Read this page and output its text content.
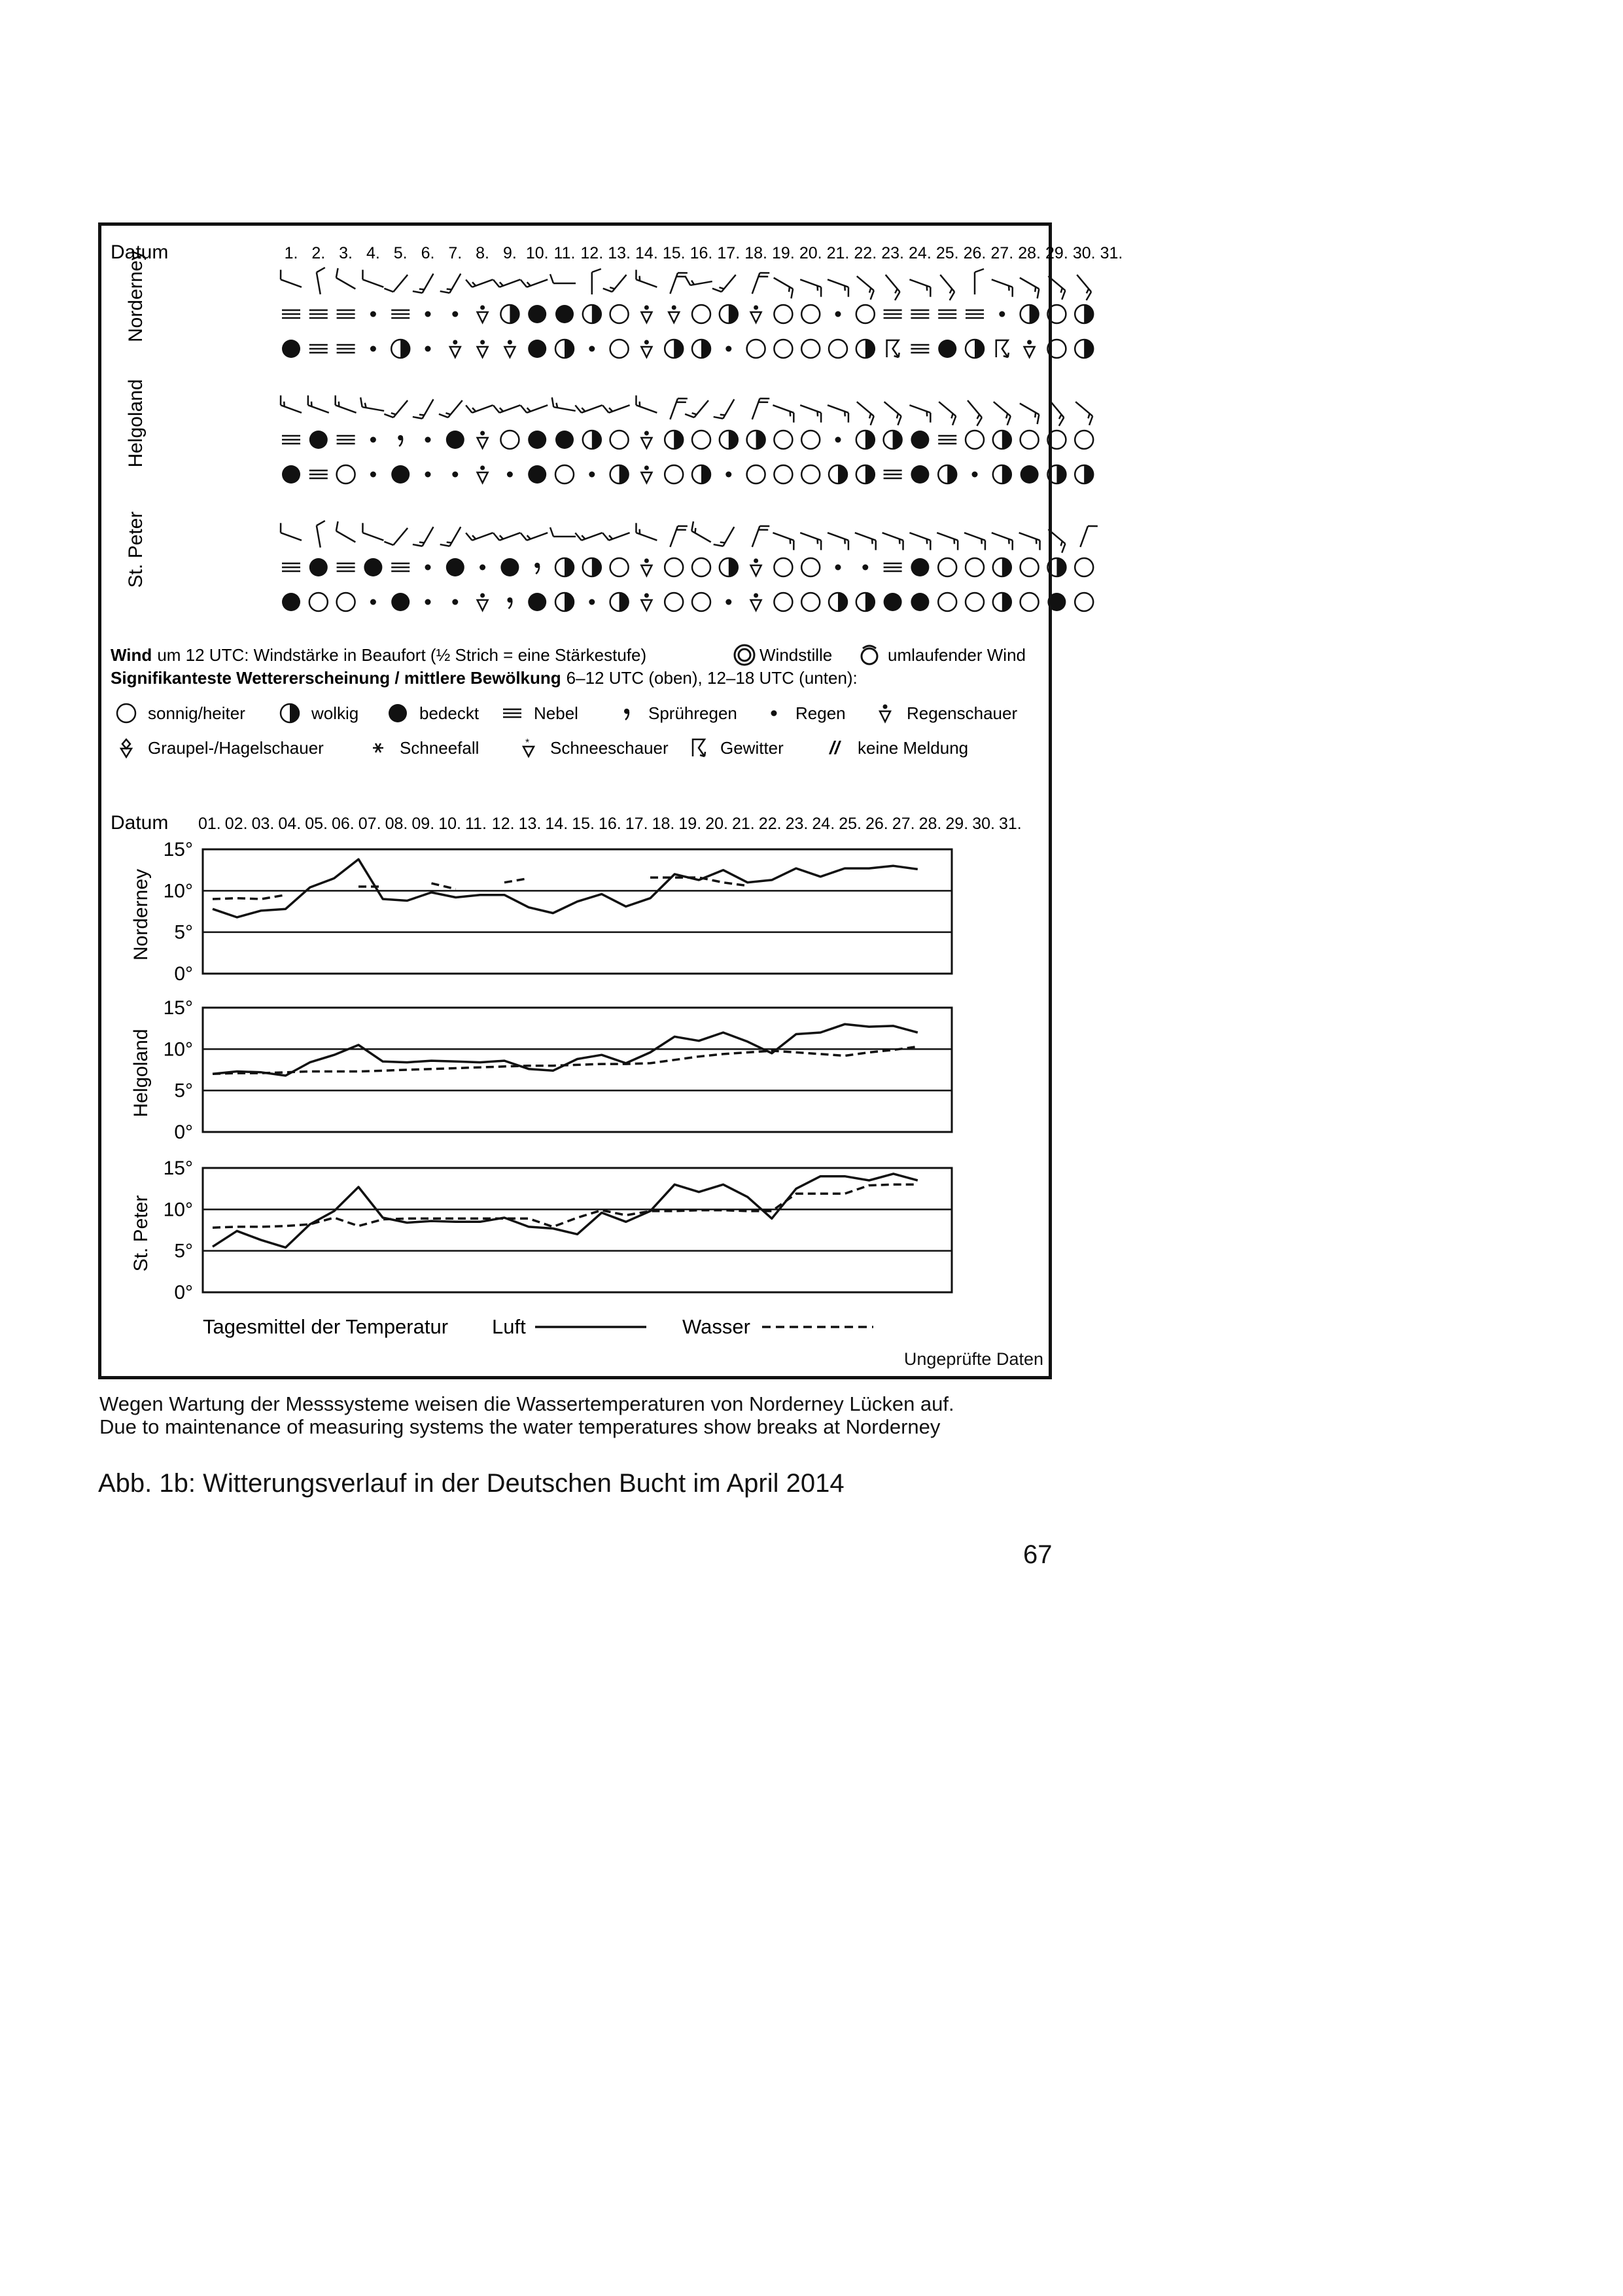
Datum	1. 2. 3. 4. 5. 6. 7. 8. 9. 10. 11. 12. 13. 14. 15. 16. 17. 18. 19. 20. 21. 22. 23. 24. 25. 26. 27. 28. 29. 30. 31.
Norderney
Helgoland
St. Peter
Wind um 12 UTC: Windstärke in Beaufort (½ Strich = eine Stärkestufe)	Windstille	umlaufender Wind
Signifikanteste Wettererscheinung / mittlere Bewölkung 6–12 UTC (oben), 12–18 UTC (unten):
sonnig/heiter	wolkig	bedeckt	Nebel	Sprühregen	Regen	Regenschauer
Graupel-/Hagelschauer	Schneefall	* Schneeschauer	Gewitter	// keine Meldung
Datum 01. 02. 03. 04. 05. 06. 07. 08. 09. 10. 11. 12. 13. 14. 15. 16. 17. 18. 19. 20. 21. 22. 23. 24. 25. 26. 27. 28. 29. 30. 31.
0°
5°
10°
15°
Norderney
0°
5°
10°
15°
Helgoland
0°
5°
10°
15°
St. Peter
Tagesmittel der Temperatur Luft	Wasser
Ungeprüfte Daten
Wegen Wartung der Messsysteme weisen die Wassertemperaturen von Norderney Lücken auf.
Due to maintenance of measuring systems the water temperatures show breaks at Norderney
Abb. 1b: Witterungsverlauf in der Deutschen Bucht im April 2014
67
